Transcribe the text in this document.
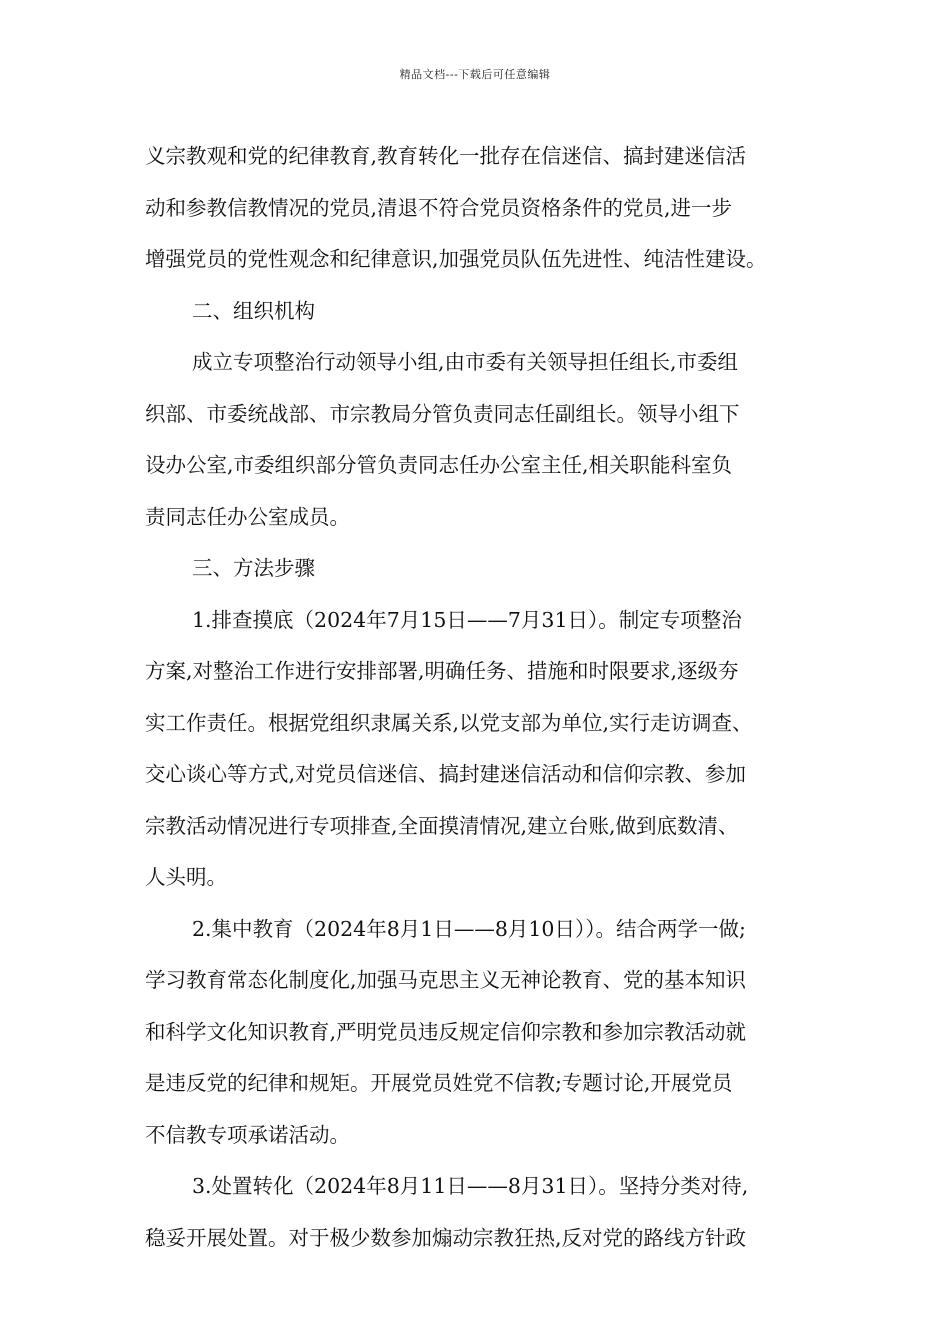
精品文档---下载后可任意编辑
义宗教观和党的纪律教育,教育转化一批存在信迷信、搞封建迷信活
动和参教信教情况的党员,清退不符合党员资格条件的党员,进一步
增强党员的党性观念和纪律意识,加强党员队伍先进性、纯洁性建设。
二、组织机构
成立专项整治行动领导小组,由市委有关领导担任组长,市委组
织部、市委统战部、市宗教局分管负责同志任副组长。领导小组下
设办公室,市委组织部分管负责同志任办公室主任,相关职能科室负
责同志任办公室成员。
三、方法步骤
1.排查摸底（2024年7月15日——7月31日）。制定专项整治
方案,对整治工作进行安排部署,明确任务、措施和时限要求,逐级夯
实工作责任。根据党组织隶属关系,以党支部为单位,实行走访调查、
交心谈心等方式,对党员信迷信、搞封建迷信活动和信仰宗教、参加
宗教活动情况进行专项排查,全面摸清情况,建立台账,做到底数清、
人头明。
2.集中教育（2024年8月1日——8月10日））。结合两学一做;
学习教育常态化制度化,加强马克思主义无神论教育、党的基本知识
和科学文化知识教育,严明党员违反规定信仰宗教和参加宗教活动就
是违反党的纪律和规矩。开展党员姓党不信教;专题讨论,开展党员
不信教专项承诺活动。
3.处置转化（2024年8月11日——8月31日）。坚持分类对待,
稳妥开展处置。对于极少数参加煽动宗教狂热,反对党的路线方针政
